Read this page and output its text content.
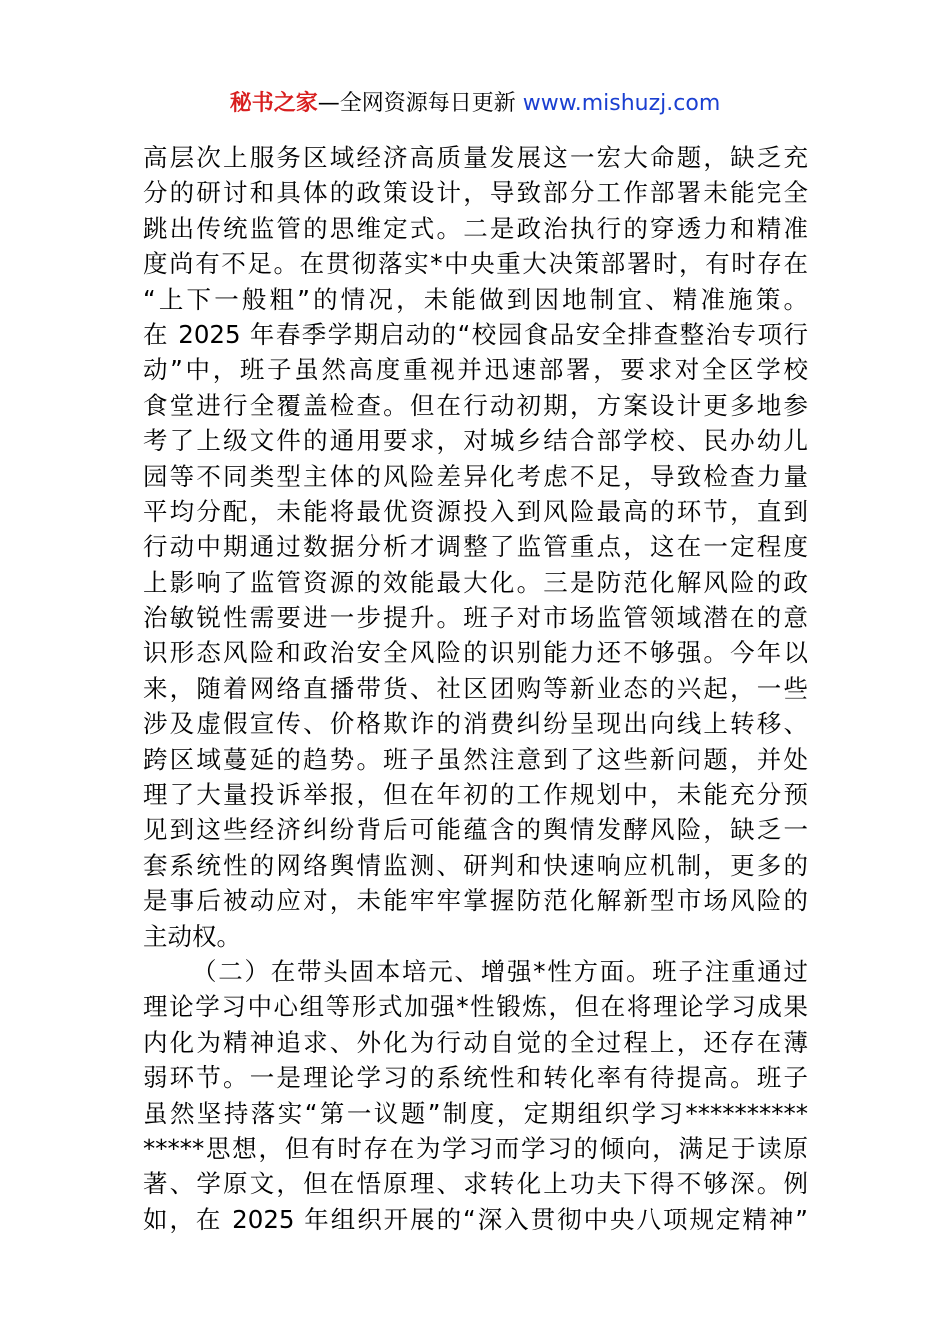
秘书之家—全网资源每日更新 www.mishuzj.com
高层次上服务区域经济高质量发展这一宏大命题，缺乏充
分的研讨和具体的政策设计，导致部分工作部署未能完全
跳出传统监管的思维定式。二是政治执行的穿透力和精准
度尚有不足。在贯彻落实*中央重大决策部署时，有时存在
“上下一般粗”的情况，未能做到因地制宜、精准施策。
在 2025 年春季学期启动的“校园食品安全排查整治专项行
动”中，班子虽然高度重视并迅速部署，要求对全区学校
食堂进行全覆盖检查。但在行动初期，方案设计更多地参
考了上级文件的通用要求，对城乡结合部学校、民办幼儿
园等不同类型主体的风险差异化考虑不足，导致检查力量
平均分配，未能将最优资源投入到风险最高的环节，直到
行动中期通过数据分析才调整了监管重点，这在一定程度
上影响了监管资源的效能最大化。三是防范化解风险的政
治敏锐性需要进一步提升。班子对市场监管领域潜在的意
识形态风险和政治安全风险的识别能力还不够强。今年以
来，随着网络直播带货、社区团购等新业态的兴起，一些
涉及虚假宣传、价格欺诈的消费纠纷呈现出向线上转移、
跨区域蔓延的趋势。班子虽然注意到了这些新问题，并处
理了大量投诉举报，但在年初的工作规划中，未能充分预
见到这些经济纠纷背后可能蕴含的舆情发酵风险，缺乏一
套系统性的网络舆情监测、研判和快速响应机制，更多的
是事后被动应对，未能牢牢掌握防范化解新型市场风险的
主动权。
（二）在带头固本培元、增强*性方面。班子注重通过
理论学习中心组等形式加强*性锻炼，但在将理论学习成果
内化为精神追求、外化为行动自觉的全过程上，还存在薄
弱环节。一是理论学习的系统性和转化率有待提高。班子
虽然坚持落实“第一议题”制度，定期组织学习**********
*****思想，但有时存在为学习而学习的倾向，满足于读原
著、学原文，但在悟原理、求转化上功夫下得不够深。例
如，在 2025 年组织开展的“深入贯彻中央八项规定精神”
